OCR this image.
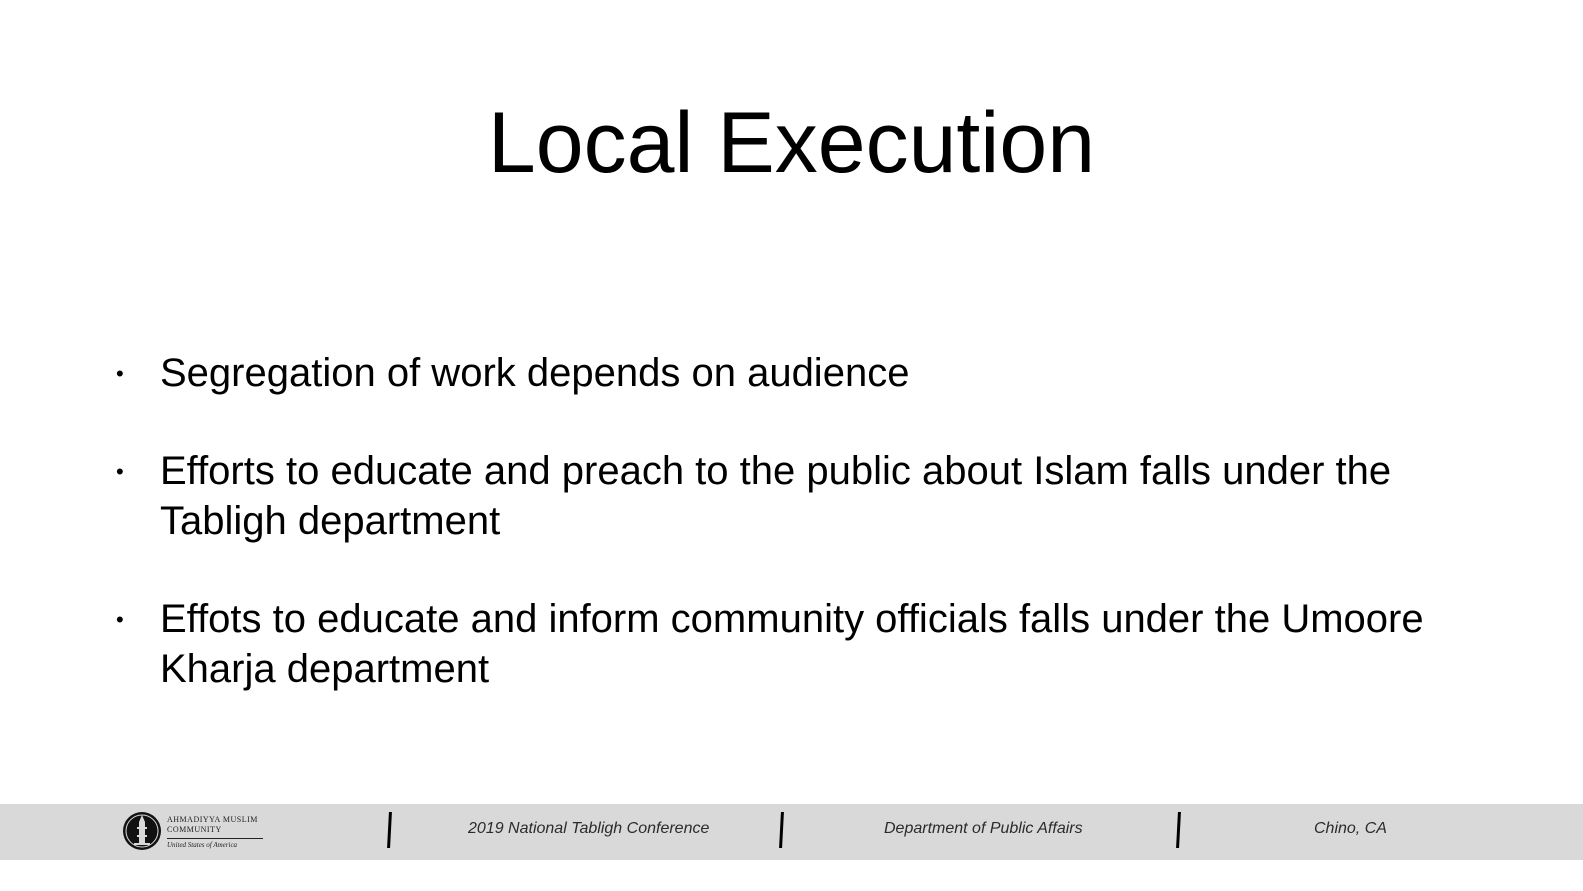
Local Execution
• Segregation of work depends on audience
• Efforts to educate and preach to the public about Islam falls under the Tabligh department
• Effots to educate and inform community officials falls under the Umoore Kharja department
AHMADIYYA MUSLIM
COMMUNITY
United States of America
2019 National Tabligh Conference	Department of Public Affairs	Chino, CA
